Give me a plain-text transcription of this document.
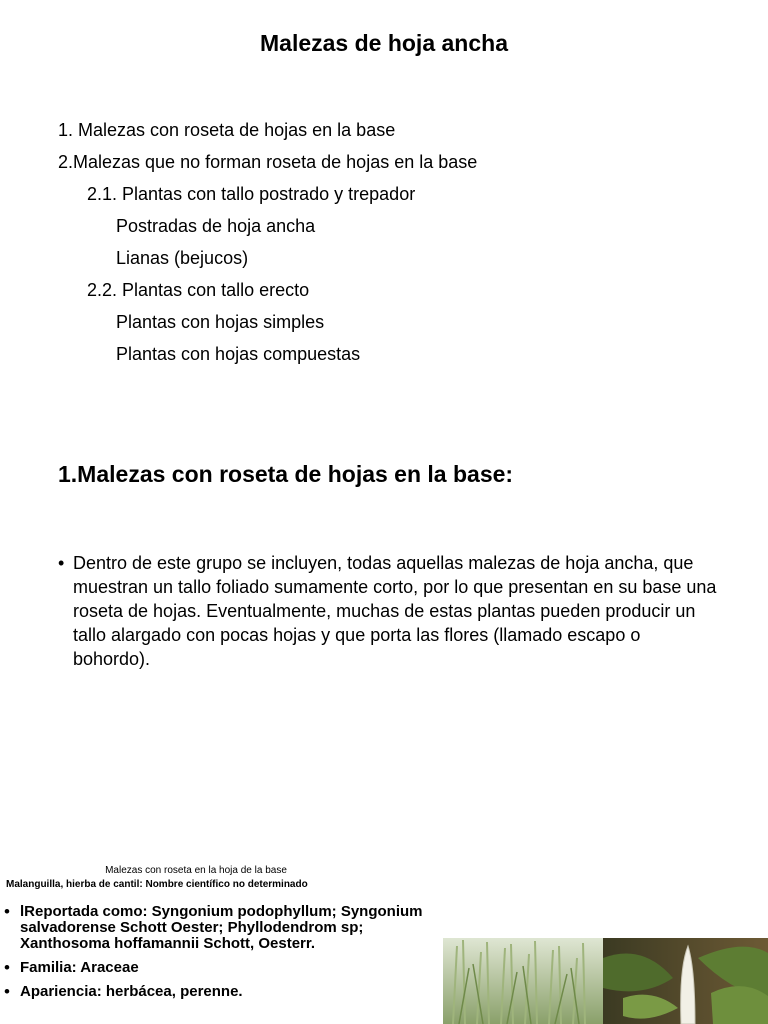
Malezas de hoja ancha
1. Malezas con roseta de hojas en la base
2.Malezas que no forman roseta de hojas en la base
2.1. Plantas con tallo postrado y trepador
Postradas de hoja ancha
Lianas (bejucos)
2.2. Plantas con tallo erecto
Plantas con hojas simples
Plantas con hojas compuestas
1.Malezas con roseta de hojas en la base:
• Dentro de este grupo se incluyen, todas aquellas malezas de hoja ancha, que muestran un tallo foliado sumamente corto, por lo que presentan en su base una roseta de hojas. Eventualmente, muchas de estas plantas pueden producir un tallo alargado con pocas hojas y que porta las flores (llamado escapo o bohordo).
Malezas con roseta en la hoja de la base
Malanguilla, hierba de cantil: Nombre científico no determinado
• lReportada como: Syngonium podophyllum; Syngonium salvadorense Schott Oester; Phyllodendrom sp; Xanthosoma hoffamannii Schott, Oesterr.
• Familia: Araceae
• Apariencia: herbácea, perenne.
